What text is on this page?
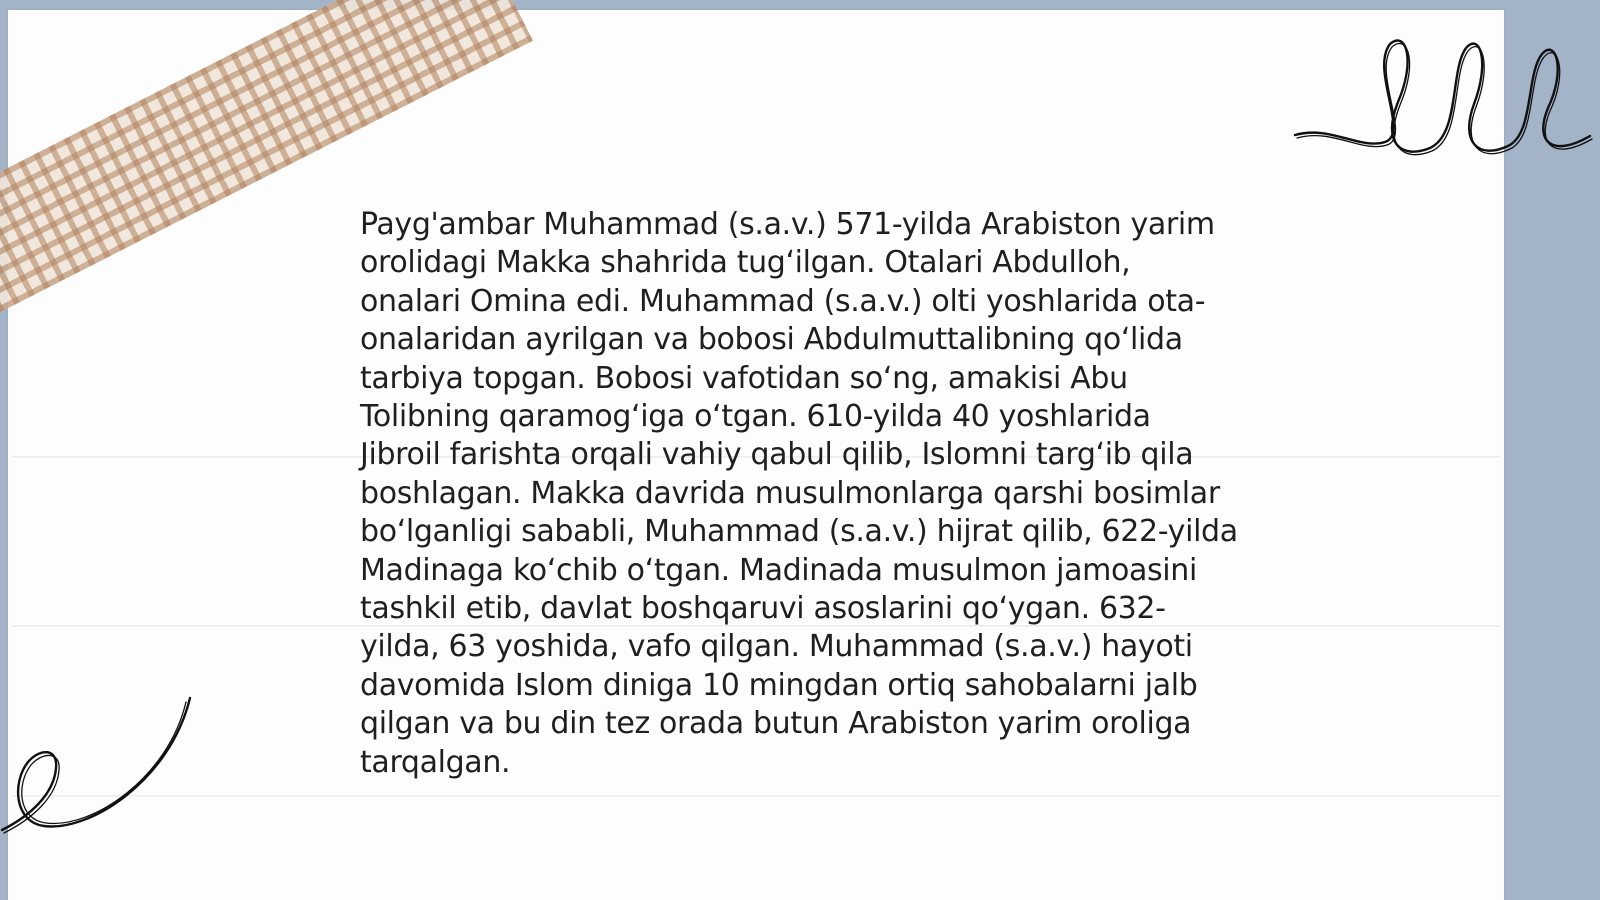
Payg'ambar Muhammad (s.a.v.) 571-yilda Arabiston yarim orolidagi Makka shahrida tugʻilgan. Otalari Abdulloh, onalari Omina edi. Muhammad (s.a.v.) olti yoshlarida ota-onalaridan ayrilgan va bobosi Abdulmuttalibning qoʻlida tarbiya topgan. Bobosi vafotidan soʻng, amakisi Abu Tolibning qaramogʻiga oʻtgan. 610-yilda 40 yoshlarida Jibroil farishta orqali vahiy qabul qilib, Islomni targʻib qila boshlagan. Makka davrida musulmonlarga qarshi bosimlar boʻlganligi sababli, Muhammad (s.a.v.) hijrat qilib, 622-yilda Madinaga koʻchib oʻtgan. Madinada musulmon jamoasini tashkil etib, davlat boshqaruvi asoslarini qoʻygan. 632-yilda, 63 yoshida, vafo qilgan. Muhammad (s.a.v.) hayoti davomida Islom diniga 10 mingdan ortiq sahobalarni jalb qilgan va bu din tez orada butun Arabiston yarim oroliga tarqalgan.
